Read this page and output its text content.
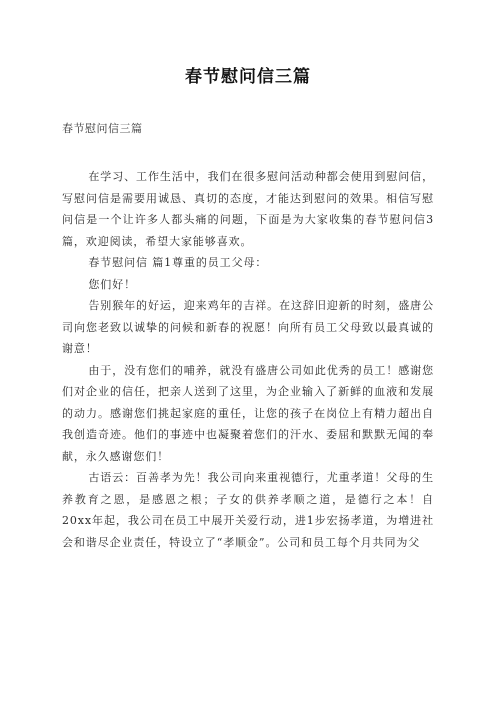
春节慰问信三篇
春节慰问信三篇

在学习、工作生活中，我们在很多慰问活动种都会使用到慰问信，写慰问信是需要用诚恳、真切的态度，才能达到慰问的效果。相信写慰问信是一个让许多人都头痛的问题，下面是为大家收集的春节慰问信3篇，欢迎阅读，希望大家能够喜欢。

春节慰问信 篇1尊重的员工父母：

您们好！

告别猴年的好运，迎来鸡年的吉祥。在这辞旧迎新的时刻，盛唐公司向您老致以诚挚的问候和新春的祝愿！向所有员工父母致以最真诚的谢意！

由于，没有您们的哺养，就没有盛唐公司如此优秀的员工！感谢您们对企业的信任，把亲人送到了这里，为企业输入了新鲜的血液和发展的动力。感谢您们挑起家庭的重任，让您的孩子在岗位上有精力超出自我创造奇迹。他们的事迹中也凝聚着您们的汗水、委屈和默默无闻的奉献，永久感谢您们！

古语云：百善孝为先！我公司向来重视德行，尤重孝道！父母的生养教育之恩，是感恩之根；子女的供养孝顺之道，是德行之本！自20xx年起，我公司在员工中展开关爱行动，进1步宏扬孝道，为增进社会和谐尽企业责任，特设立了“孝顺金”。公司和员工每个月共同为父
